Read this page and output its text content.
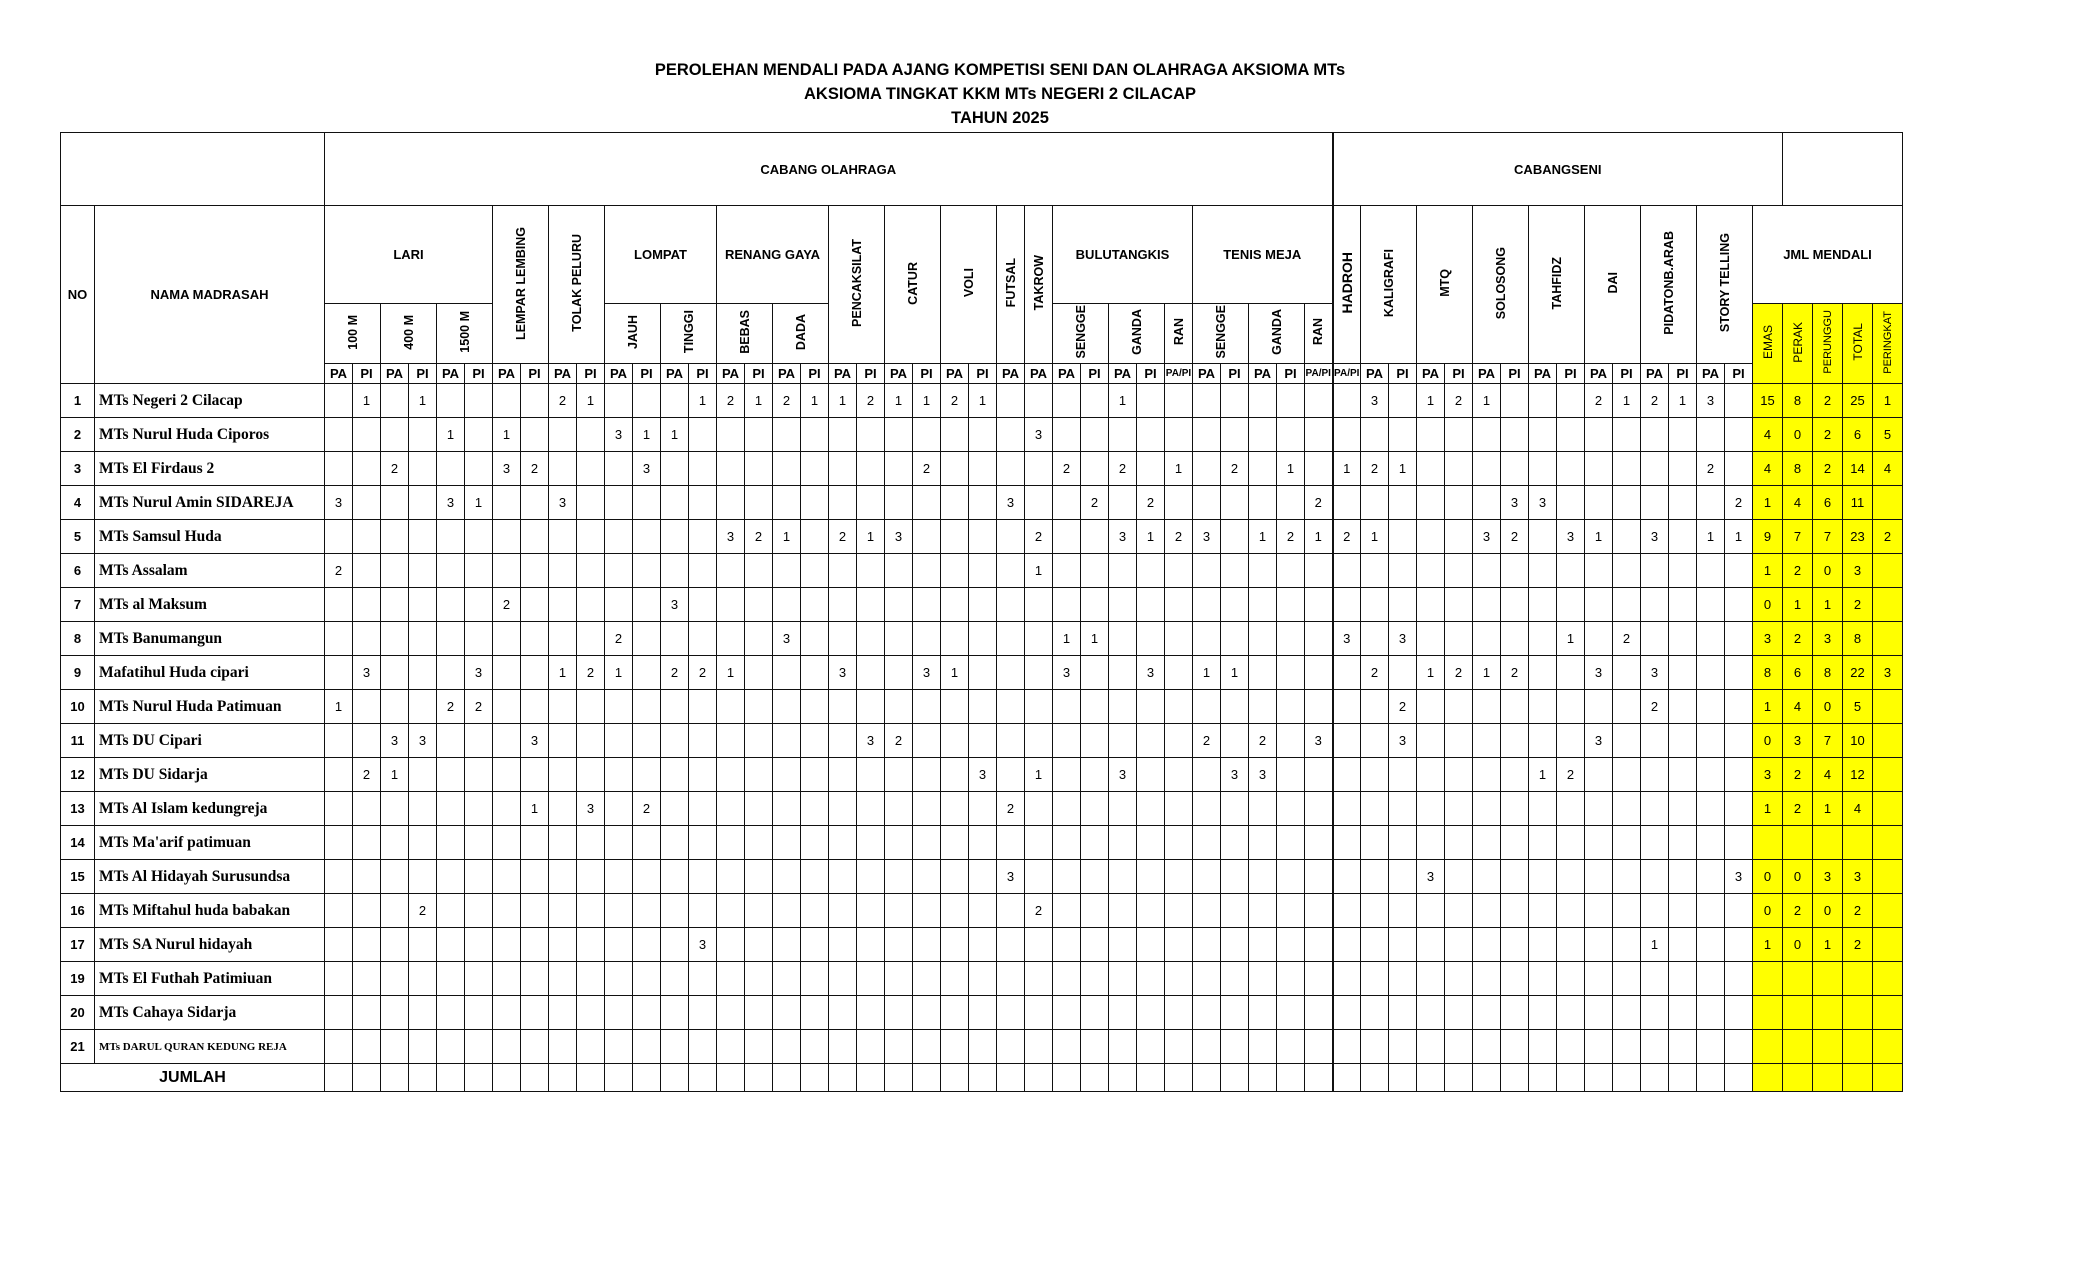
PEROLEHAN MENDALI PADA AJANG KOMPETISI SENI DAN OLAHRAGA AKSIOMA MTs
AKSIOMA TINGKAT KKM MTs NEGERI 2 CILACAP
TAHUN 2025
		CABANG OLAHRAGA																																				CABANGSENI																			
NO	NAMA MADRASAH	LARI						LEMPAR LEMBING		TOLAK PELURU		LOMPAT				RENANG GAYA				PENCAKSILAT		CATUR		VOLI		FUTSAL	TAKROW	BULUTANGKIS					TENIS MEJA					HADROH	KALIGRAFI		MTQ		SOLOSONG		TAHFIDZ		DAI		PIDATONB.ARAB		STORY TELLING		JML MENDALI				
		100 M		400 M		1500 M						JAUH		TINGGI		BEBAS		DADA										SENGGE		GANDA		RAN	SENGGE		GANDA		RAN																EMAS	PERAK	PERUNGGU	TOTAL	PERINGKAT
		PA	PI	PA	PI	PA	PI	PA	PI	PA	PI	PA	PI	PA	PI	PA	PI	PA	PI	PA	PI	PA	PI	PA	PI	PA	PA	PA	PI	PA	PI	PA/PI	PA	PI	PA	PI	PA/PI	PA/PI	PA	PI	PA	PI	PA	PI	PA	PI	PA	PI	PA	PI	PA	PI					
1	MTs Negeri 2 Cilacap		1		1					2	1				1	2	1	2	1	1	2	1	1	2	1					1									3		1	2	1				2	1	2	1	3		15	8	2	25	1
2	MTs Nurul Huda Ciporos					1		1				3	1	1													3																										4	0	2	6	5
3	MTs El Firdaus 2			2				3	2				3										2					2		2		1		2		1		1	2	1											2		4	8	2	14	4
4	MTs Nurul Amin SIDAREJA	3				3	1			3																3			2		2						2							3	3							2	1	4	6	11	
5	MTs Samsul Huda															3	2	1		2	1	3					2			3	1	2	3		1	2	1	2	1				3	2		3	1		3		1	1	9	7	7	23	2
6	MTs Assalam	2																									1																										1	2	0	3	
7	MTs al Maksum							2						3																																							0	1	1	2	
8	MTs Banumangun											2						3										1	1									3		3						1		2					3	2	3	8	
9	Mafatihul Huda cipari		3				3			1	2	1		2	2	1				3			3	1				3			3		1	1					2		1	2	1	2			3		3				8	6	8	22	3
10	MTs Nurul Huda Patimuan	1				2	2																																	2									2				1	4	0	5	
11	MTs DU Cipari			3	3				3												3	2											2		2		3			3							3						0	3	7	10	
12	MTs DU Sidarja		2	1																					3		1			3				3	3										1	2							3	2	4	12	
13	MTs Al Islam kedungreja								1		3		2													2																											1	2	1	4	
14	MTs Ma'arif patimuan																																																								
15	MTs Al Hidayah Surusundsa																									3															3											3	0	0	3	3	
16	MTs Miftahul huda babakan				2																						2																										0	2	0	2	
17	MTs SA Nurul hidayah														3																																		1				1	0	1	2	
19	MTs El Futhah Patimiuan																																																								
20	MTs Cahaya Sidarja																																																								
21	MTs DARUL QURAN KEDUNG REJA																																																								
JUMLAH																																																									
